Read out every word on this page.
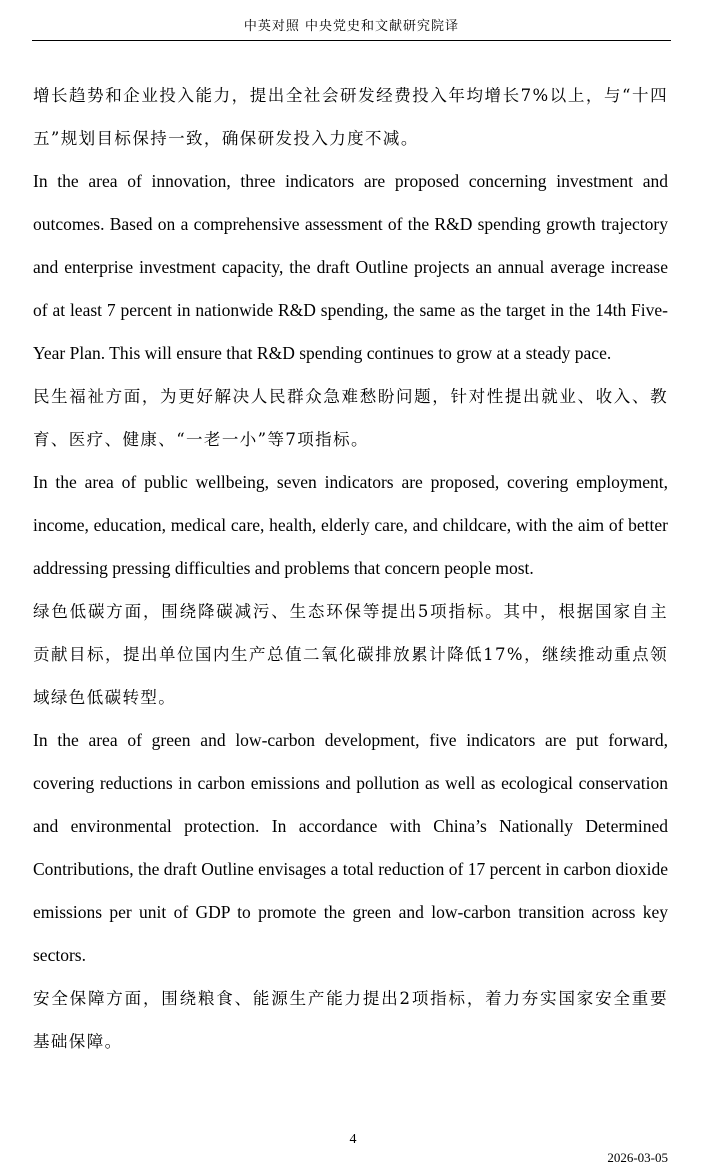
中英对照 中央党史和文献研究院译

增长趋势和企业投入能力，提出全社会研发经费投入年均增长7%以上，与“十四五”规划目标保持一致，确保研发投入力度不减。

In the area of innovation, three indicators are proposed concerning investment and outcomes. Based on a comprehensive assessment of the R&D spending growth trajectory and enterprise investment capacity, the draft Outline projects an annual average increase of at least 7 percent in nationwide R&D spending, the same as the target in the 14th Five-Year Plan. This will ensure that R&D spending continues to grow at a steady pace.

民生福祉方面，为更好解决人民群众急难愁盼问题，针对性提出就业、收入、教育、医疗、健康、“一老一小”等7项指标。

In the area of public wellbeing, seven indicators are proposed, covering employment, income, education, medical care, health, elderly care, and childcare, with the aim of better addressing pressing difficulties and problems that concern people most.

绿色低碳方面，围绕降碳减污、生态环保等提出5项指标。其中，根据国家自主贡献目标，提出单位国内生产总值二氧化碳排放累计降低17%，继续推动重点领域绿色低碳转型。

In the area of green and low-carbon development, five indicators are put forward, covering reductions in carbon emissions and pollution as well as ecological conservation and environmental protection. In accordance with China’s Nationally Determined Contributions, the draft Outline envisages a total reduction of 17 percent in carbon dioxide emissions per unit of GDP to promote the green and low-carbon transition across key sectors.

安全保障方面，围绕粮食、能源生产能力提出2项指标，着力夯实国家安全重要基础保障。

4
2026-03-05
